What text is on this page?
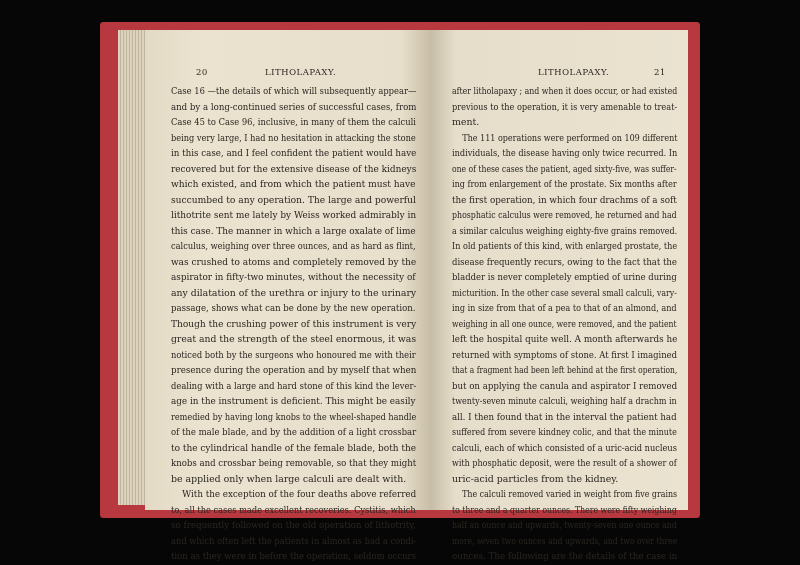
20	LITHOLAPAXY.	LITHOLAPAXY.	21
Case 16 —the details of which will subsequently appear—
and by a long-continued series of successful cases, from
Case 45 to Case 96, inclusive, in many of them the calculi
being very large, I had no hesitation in attacking the stone
in this case, and I feel confident the patient would have
recovered but for the extensive disease of the kidneys
which existed, and from which the patient must have
succumbed to any operation. The large and powerful
lithotrite sent me lately by Weiss worked admirably in
this case. The manner in which a large oxalate of lime
calculus, weighing over three ounces, and as hard as flint,
was crushed to atoms and completely removed by the
aspirator in fifty-two minutes, without the necessity of
any dilatation of the urethra or injury to the urinary
passage, shows what can be done by the new operation.
Though the crushing power of this instrument is very
great and the strength of the steel enormous, it was
noticed both by the surgeons who honoured me with their
presence during the operation and by myself that when
dealing with a large and hard stone of this kind the lever-
age in the instrument is deficient. This might be easily
remedied by having long knobs to the wheel-shaped handle
of the male blade, and by the addition of a light crossbar
to the cylindrical handle of the female blade, both the
knobs and crossbar being removable, so that they might
be applied only when large calculi are dealt with.
With the exception of the four deaths above referred
to, all the cases made excellent recoveries. Cystitis, which
so frequently followed on the old operation of lithotrity,
and which often left the patients in almost as bad a condi-
tion as they were in before the operation, seldom occurs
after litholapaxy ; and when it does occur, or had existed
previous to the operation, it is very amenable to treat-
ment.
The 111 operations were performed on 109 different
individuals, the disease having only twice recurred. In
one of these cases the patient, aged sixty-five, was suffer-
ing from enlargement of the prostate. Six months after
the first operation, in which four drachms of a soft
phosphatic calculus were removed, he returned and had
a similar calculus weighing eighty-five grains removed.
In old patients of this kind, with enlarged prostate, the
disease frequently recurs, owing to the fact that the
bladder is never completely emptied of urine during
micturition. In the other case several small calculi, vary-
ing in size from that of a pea to that of an almond, and
weighing in all one ounce, were removed, and the patient
left the hospital quite well. A month afterwards he
returned with symptoms of stone. At first I imagined
that a fragment had been left behind at the first operation,
but on applying the canula and aspirator I removed
twenty-seven minute calculi, weighing half a drachm in
all. I then found that in the interval the patient had
suffered from severe kindney colic, and that the minute
calculi, each of which consisted of a uric-acid nucleus
with phosphatic deposit, were the result of a shower of
uric-acid particles from the kidney.
The calculi removed varied in weight from five grains
to three and a quarter ounces. There were fifty weighing
half an ounce and upwards, twenty-seven one ounce and
more, seven two ounces and upwards, and two over three
ounces. The following are the details of the case in
